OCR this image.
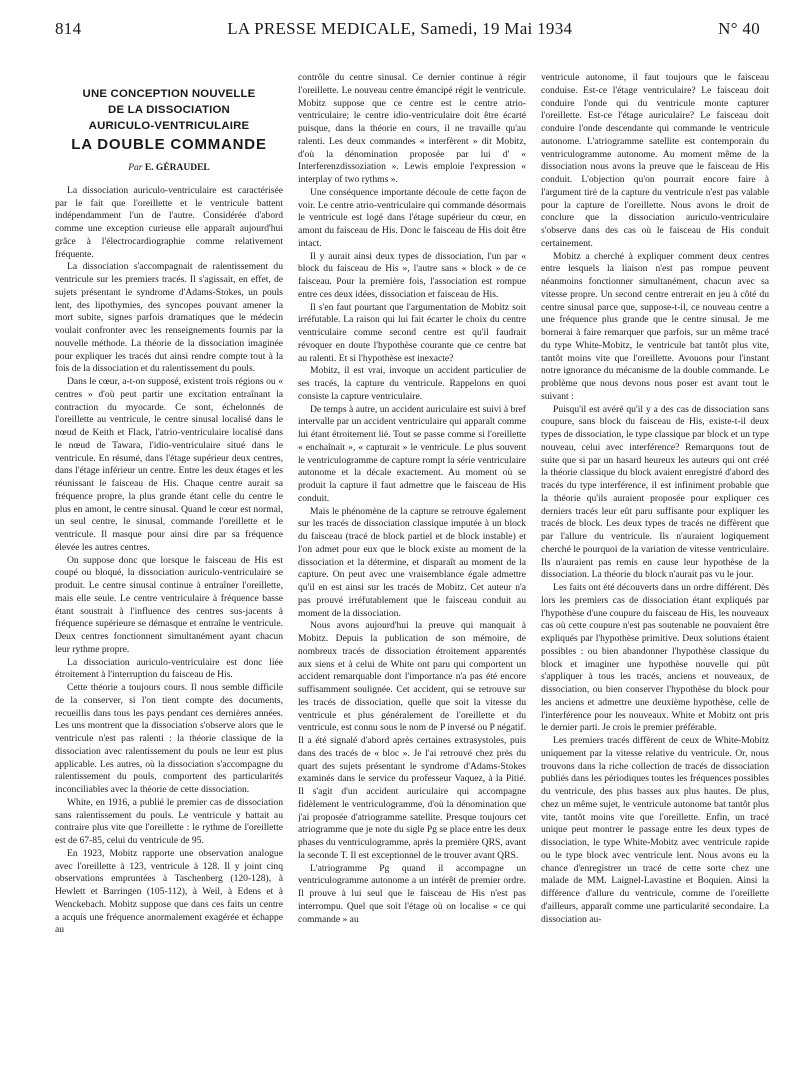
814	LA PRESSE MEDICALE, Samedi, 19 Mai 1934	N° 40
UNE CONCEPTION NOUVELLE
DE LA DISSOCIATION
AURICULO-VENTRICULAIRE
LA DOUBLE COMMANDE
Par E. GÉRAUDEL

La dissociation auriculo-ventriculaire est caractérisée par le fait que l'oreillette et le ventricule battent indépendamment l'un de l'autre. Considérée d'abord comme une exception curieuse elle apparaît aujourd'hui grâce à l'électrocardiographie comme relativement fréquente.

La dissociation s'accompagnait de ralentissement du ventricule sur les premiers tracés. Il s'agissait, en effet, de sujets présentant le syndrome d'Adams-Stokes, un pouls lent, des lipothymies, des syncopes pouvant amener la mort subite, signes parfois dramatiques que le médecin voulait confronter avec les renseignements fournis par la nouvelle méthode. La théorie de la dissociation imaginée pour expliquer les tracés dut ainsi rendre compte tout à la fois de la dissociation et du ralentissement du pouls.

Dans le cœur, a-t-on supposé, existent trois régions ou « centres » d'où peut partir une excitation entraînant la contraction du myocarde. Ce sont, échelonnés de l'oreillette au ventricule, le centre sinusal localisé dans le nœud de Keith et Flack, l'atrio-ventriculaire localisé dans le nœud de Tawara, l'idio-ventriculaire situé dans le ventricule. En résumé, dans l'étage supérieur deux centres, dans l'étage inférieur un centre. Entre les deux étages et les réunissant le faisceau de His. Chaque centre aurait sa fréquence propre, la plus grande étant celle du centre le plus en amont, le centre sinusal. Quand le cœur est normal, un seul centre, le sinusal, commande l'oreillette et le ventricule. Il masque pour ainsi dire par sa fréquence élevée les autres centres.

On suppose donc que lorsque le faisceau de His est coupé ou bloqué, la dissociation auriculo-ventriculaire se produit. Le centre sinusal continue à entraîner l'oreillette, mais elle seule. Le centre ventriculaire à fréquence basse étant soustrait à l'influence des centres sus-jacents à fréquence supérieure se démasque et entraîne le ventricule. Deux centres fonctionnent simultanément ayant chacun leur rythme propre.

La dissociation auriculo-ventriculaire est donc liée étroitement à l'interruption du faisceau de His.

Cette théorie a toujours cours. Il nous semble difficile de la conserver, si l'on tient compte des documents, recueillis dans tous les pays pendant ces dernières années. Les uns montrent que la dissociation s'observe alors que le ventricule n'est pas ralenti : la théorie classique de la dissociation avec ralentissement du pouls ne leur est plus applicable. Les autres, où la dissociation s'accompagne du ralentissement du pouls, comportent des particularités inconciliables avec la théorie de cette dissociation.

White, en 1916, a publié le premier cas de dissociation sans ralentissement du pouls. Le ventricule y battait au contraire plus vite que l'oreillette : le rythme de l'oreillette est de 67-85, celui du ventricule de 95.

En 1923, Mobitz rapporte une observation analogue avec l'oreillette à 123, ventricule à 128. Il y joint cinq observations empruntées à Taschenberg (120-128), à Hewlett et Barringen (105-112), à Weil, à Edens et à Wenckebach. Mobitz suppose que dans ces faits un centre a acquis une fréquence anormalement exagérée et échappe au

contrôle du centre sinusal. Ce dernier continue à régir l'oreillette. Le nouveau centre émancipé régit le ventricule. Mobitz suppose que ce centre est le centre atrio-ventriculaire; le centre idio-ventriculaire doit être écarté puisque, dans la théorie en cours, il ne travaille qu'au ralenti. Les deux commandes « interfèrent » dit Mobitz, d'où la dénomination proposée par lui d' « Interferenzdissoziation ». Lewis emploie l'expression « interplay of two rythms ».

Une conséquence importante découle de cette façon de voir. Le centre atrio-ventriculaire qui commande désormais le ventricule est logé dans l'étage supérieur du cœur, en amont du faisceau de His. Donc le faisceau de His doit être intact.

Il y aurait ainsi deux types de dissociation, l'un par « block du faisceau de His », l'autre sans « block » de ce faisceau. Pour la première fois, l'association est rompue entre ces deux idées, dissociation et faisceau de His.

Il s'en faut pourtant que l'argumentation de Mobitz soit irréfutable. La raison qui lui fait écarter le choix du centre ventriculaire comme second centre est qu'il faudrait révoquer en doute l'hypothèse courante que ce centre bat au ralenti. Et si l'hypothèse est inexacte?

Mobitz, il est vrai, invoque un accident particulier de ses tracés, la capture du ventricule. Rappelons en quoi consiste la capture ventriculaire.

De temps à autre, un accident auriculaire est suivi à bref intervalle par un accident ventriculaire qui apparaît comme lui étant étroitement lié. Tout se passe comme si l'oreillette « enchaînait », « capturait » le ventricule. Le plus souvent le ventriculogramme de capture rompt la série ventriculaire autonome et la décale exactement. Au moment où se produit la capture il faut admettre que le faisceau de His conduit.

Mais le phénomène de la capture se retrouve également sur les tracés de dissociation classique imputée à un block du faisceau (tracé de block partiel et de block instable) et l'on admet pour eux que le block existe au moment de la dissociation et la détermine, et disparaît au moment de la capture. On peut avec une vraisemblance égale admettre qu'il en est ainsi sur les tracés de Mobitz. Cet auteur n'a pas prouvé irréfutablement que le faisceau conduit au moment de la dissociation.

Nous avons aujourd'hui la preuve qui manquait à Mobitz. Depuis la publication de son mémoire, de nombreux tracés de dissociation étroitement apparentés aux siens et à celui de White ont paru qui comportent un accident remarquable dont l'importance n'a pas été encore suffisamment soulignée. Cet accident, qui se retrouve sur les tracés de dissociation, quelle que soit la vitesse du ventricule et plus généralement de l'oreillette et du ventricule, est connu sous le nom de P inversé ou P négatif. Il a été signalé d'abord après certaines extrasystoles, puis dans des tracés de « bloc ». Je l'ai retrouvé chez près du quart des sujets présentant le syndrome d'Adams-Stokes examinés dans le service du professeur Vaquez, à la Pitié. Il s'agit d'un accident auriculaire qui accompagne fidèlement le ventriculogramme, d'où la dénomination que j'ai proposée d'atriogramme satellite. Presque toujours cet atriogramme que je note du sigle Pg se place entre les deux phases du ventriculogramme, après la première QRS, avant la seconde T. Il est exceptionnel de le trouver avant QRS.

L'atriogramme Pg quand il accompagne un ventriculogramme autonome a un intérêt de premier ordre. Il prouve à lui seul que le faisceau de His n'est pas interrompu. Quel que soit l'étage où on localise « ce qui commande » au

ventricule autonome, il faut toujours que le faisceau conduise. Est-ce l'étage ventriculaire? Le faisceau doit conduire l'onde qui du ventricule monte capturer l'oreillette. Est-ce l'étage auriculaire? Le faisceau doit conduire l'onde descendante qui commande le ventricule autonome. L'atriogramme satellite est contemporain du ventriculogramme autonome. Au moment même de la dissociation nous avons la preuve que le faisceau de His conduit. L'objection qu'on pourrait encore faire à l'argument tiré de la capture du ventricule n'est pas valable pour la capture de l'oreillette. Nous avons le droit de conclure que la dissociation auriculo-ventriculaire s'observe dans des cas où le faisceau de His conduit certainement.

Mobitz a cherché à expliquer comment deux centres entre lesquels la liaison n'est pas rompue peuvent néanmoins fonctionner simultanément, chacun avec sa vitesse propre. Un second centre entrerait en jeu à côté du centre sinusal parce que, suppose-t-il, ce nouveau centre a une fréquence plus grande que le centre sinusal. Je me bornerai à faire remarquer que parfois, sur un même tracé du type White-Mobitz, le ventricule bat tantôt plus vite, tantôt moins vite que l'oreillette. Avouons pour l'instant notre ignorance du mécanisme de la double commande. Le problème que nous devons nous poser est avant tout le suivant :

Puisqu'il est avéré qu'il y a des cas de dissociation sans coupure, sans block du faisceau de His, existe-t-il deux types de dissociation, le type classique par block et un type nouveau, celui avec interférence? Remarquons tout de suite que si par un hasard heureux les auteurs qui ont créé la théorie classique du block avaient enregistré d'abord des tracés du type interférence, il est infiniment probable que la théorie qu'ils auraient proposée pour expliquer ces derniers tracés leur eût paru suffisante pour expliquer les tracés de block. Les deux types de tracés ne diffèrent que par l'allure du ventricule. Ils n'auraient logiquement cherché le pourquoi de la variation de vitesse ventriculaire. Ils n'auraient pas remis en cause leur hypothèse de la dissociation. La théorie du block n'aurait pas vu le jour.

Les faits ont été découverts dans un ordre différent. Dès lors les premiers cas de dissociation étant expliqués par l'hypothèse d'une coupure du faisceau de His, les nouveaux cas où cette coupure n'est pas soutenable ne pouvaient être expliqués par l'hypothèse primitive. Deux solutions étaient possibles : ou bien abandonner l'hypothèse classique du block et imaginer une hypothèse nouvelle qui pût s'appliquer à tous les tracés, anciens et nouveaux, de dissociation, ou bien conserver l'hypothèse du block pour les anciens et admettre une deuxième hypothèse, celle de l'interférence pour les nouveaux. White et Mobitz ont pris le dernier parti. Je crois le premier préférable.

Les premiers tracés diffèrent de ceux de White-Mobitz uniquement par la vitesse relative du ventricule. Or, nous trouvons dans la riche collection de tracés de dissociation publiés dans les périodiques toutes les fréquences possibles du ventricule, des plus basses aux plus hautes. De plus, chez un même sujet, le ventricule autonome bat tantôt plus vite, tantôt moins vite que l'oreillette. Enfin, un tracé unique peut montrer le passage entre les deux types de dissociation, le type White-Mobitz avec ventricule rapide ou le type block avec ventricule lent. Nous avons eu la chance d'enregistrer un tracé de cette sorte chez une malade de MM. Laignel-Lavastine et Boquien. Ainsi la différence d'allure du ventricule, comme de l'oreillette d'ailleurs, apparaît comme une particularité secondaire. La dissociation au-
